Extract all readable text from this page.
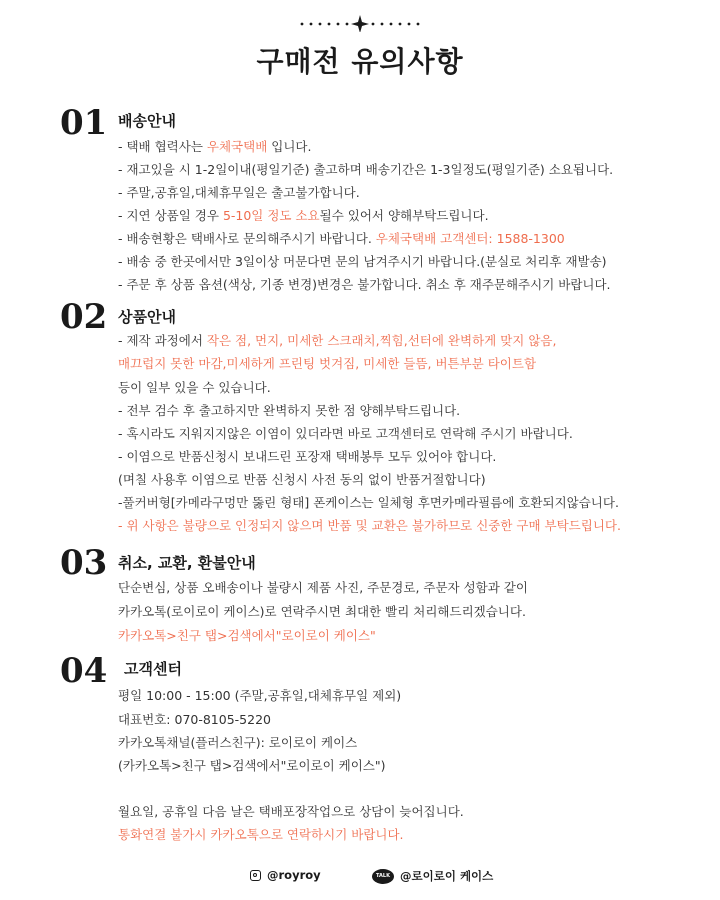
구매전 유의사항
01 배송안내
- 택배 협력사는 우체국택배 입니다.
- 재고있을 시 1-2일이내(평일기준) 출고하며 배송기간은 1-3일정도(평일기준) 소요됩니다.
- 주말,공휴일,대체휴무일은 출고불가합니다.
- 지연 상품일 경우 5-10일 정도 소요될수 있어서 양해부탁드립니다.
- 배송현황은 택배사로 문의해주시기 바랍니다. 우체국택배 고객센터: 1588-1300
- 배송 중 한곳에서만 3일이상 머문다면 문의 남겨주시기 바랍니다.(분실로 처리후 재발송)
- 주문 후 상품 옵션(색상, 기종 변경)변경은 불가합니다. 취소 후 재주문해주시기 바랍니다.
02 상품안내
- 제작 과정에서 작은 점, 먼지, 미세한 스크래치,찍힘,선터에 완벽하게 맞지 않음,
매끄럽지 못한 마감,미세하게 프린팅 벗겨짐, 미세한 들뜸, 버튼부분 타이트함
등이 일부 있을 수 있습니다.
- 전부 검수 후 출고하지만 완벽하지 못한 점 양해부탁드립니다.
- 혹시라도 지워지지않은 이염이 있더라면 바로 고객센터로 연락해 주시기 바랍니다.
- 이염으로 반품신청시 보내드린 포장재 택배봉투 모두 있어야 합니다.
(며칠 사용후 이염으로 반품 신청시 사전 동의 없이 반품거절합니다)
-풀커버형[카메라구멍만 뚫린 형태] 폰케이스는 일체형 후면카메라필름에 호환되지않습니다.
- 위 사항은 불량으로 인정되지 않으며 반품 및 교환은 불가하므로 신중한 구매 부탁드립니다.
03 취소, 교환, 환불안내
단순변심, 상품 오배송이나 불량시 제품 사진, 주문경로, 주문자 성함과 같이
카카오톡(로이로이 케이스)로 연락주시면 최대한 빨리 처리해드리겠습니다.
카카오톡>친구 탭>검색에서"로이로이 케이스"
04 고객센터
평일 10:00 - 15:00 (주말,공휴일,대체휴무일 제외)
대표번호: 070-8105-5220
카카오톡채널(플러스친구): 로이로이 케이스
(카카오톡>친구 탭>검색에서"로이로이 케이스")
월요일, 공휴일 다음 날은 택배포장작업으로 상담이 늦어집니다.
통화연결 불가시 카카오톡으로 연락하시기 바랍니다.
@royroy	TALK @로이로이 케이스
